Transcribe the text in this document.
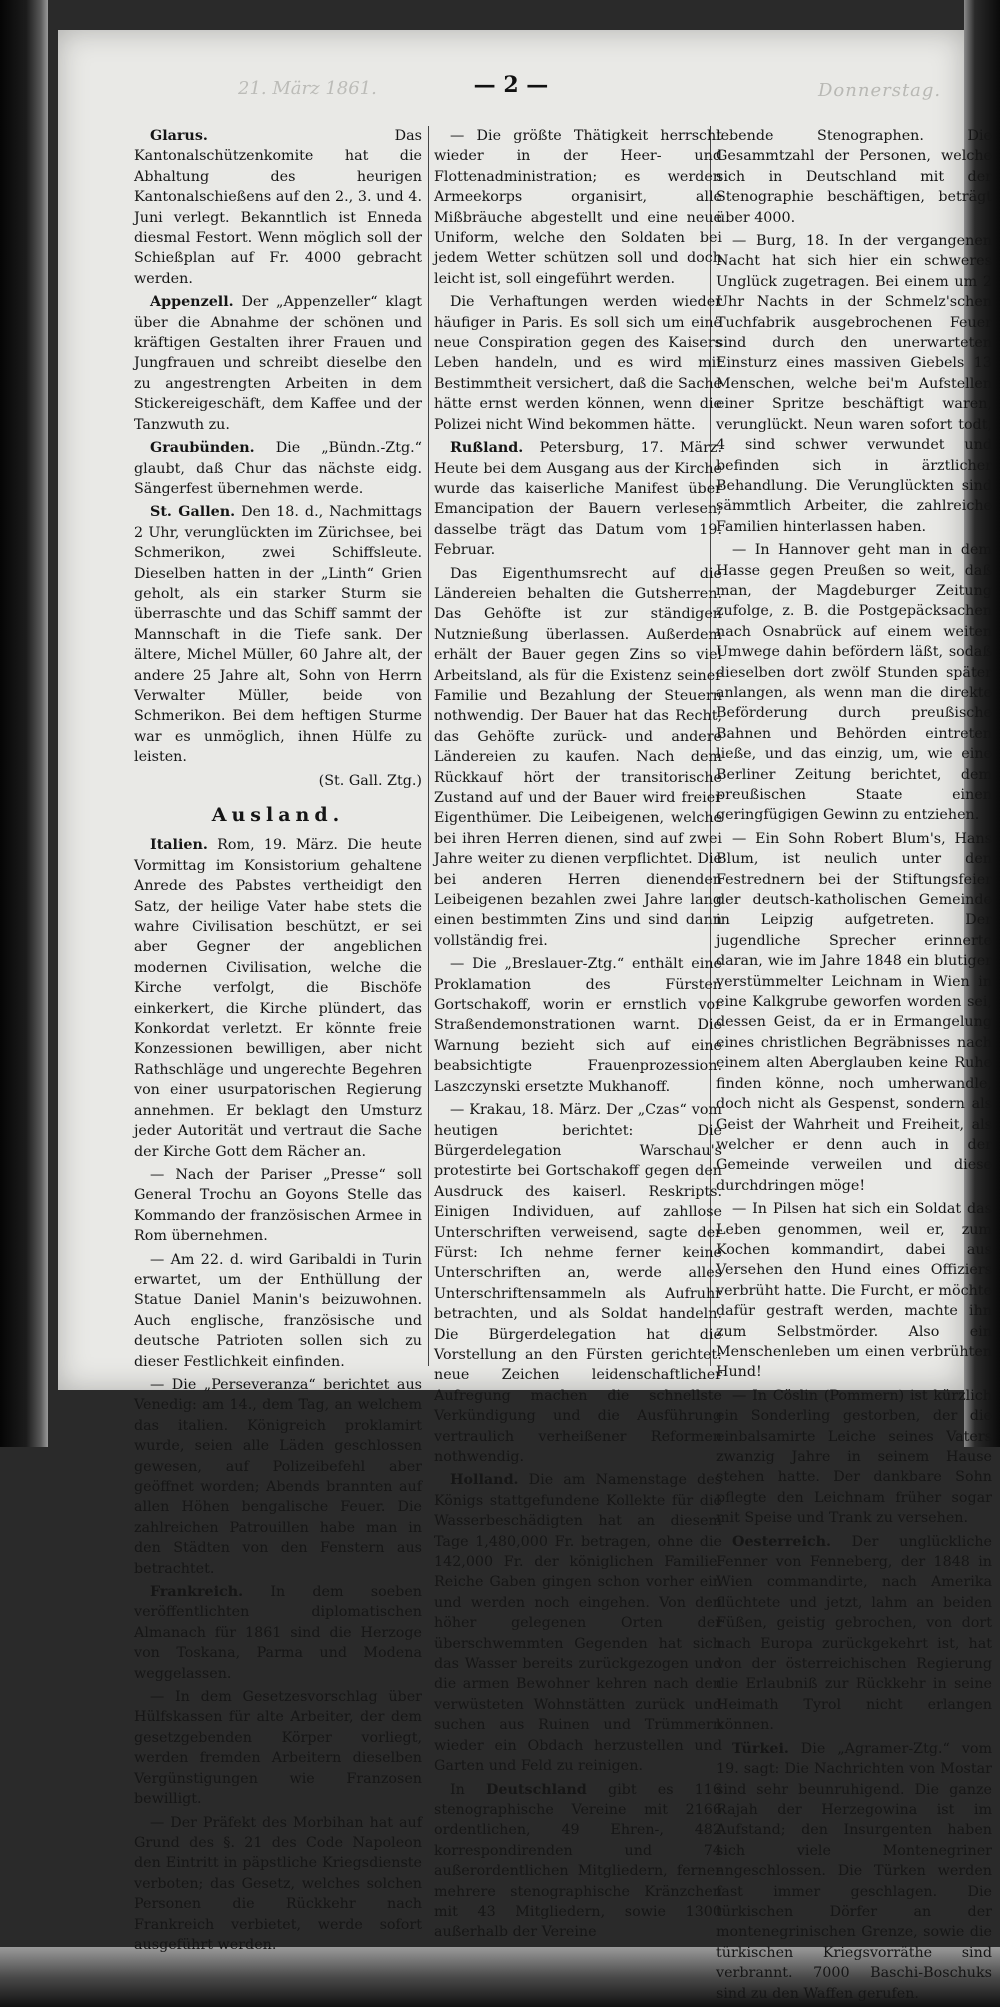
21. März 1861.	Donnerstag.
— 2 —

Glarus. Das Kantonalschützenkomite hat die Abhaltung des heurigen Kantonalschießens auf den 2., 3. und 4. Juni verlegt. Bekanntlich ist Enneda diesmal Festort. Wenn möglich soll der Schießplan auf Fr. 4000 gebracht werden.

Appenzell. Der „Appenzeller“ klagt über die Abnahme der schönen und kräftigen Gestalten ihrer Frauen und Jungfrauen und schreibt dieselbe den zu angestrengten Arbeiten in dem Stickereigeschäft, dem Kaffee und der Tanzwuth zu.

Graubünden. Die „Bündn.-Ztg.“ glaubt, daß Chur das nächste eidg. Sängerfest übernehmen werde.

St. Gallen. Den 18. d., Nachmittags 2 Uhr, verunglückten im Zürichsee, bei Schmerikon, zwei Schiffsleute. Dieselben hatten in der „Linth“ Grien geholt, als ein starker Sturm sie überraschte und das Schiff sammt der Mannschaft in die Tiefe sank. Der ältere, Michel Müller, 60 Jahre alt, der andere 25 Jahre alt, Sohn von Herrn Verwalter Müller, beide von Schmerikon. Bei dem heftigen Sturme war es unmöglich, ihnen Hülfe zu leisten.

(St. Gall. Ztg.)

Ausland.

Italien. Rom, 19. März. Die heute Vormittag im Konsistorium gehaltene Anrede des Pabstes vertheidigt den Satz, der heilige Vater habe stets die wahre Civilisation beschützt, er sei aber Gegner der angeblichen modernen Civilisation, welche die Kirche verfolgt, die Bischöfe einkerkert, die Kirche plündert, das Konkordat verletzt. Er könnte freie Konzessionen bewilligen, aber nicht Rathschläge und ungerechte Begehren von einer usurpatorischen Regierung annehmen. Er beklagt den Umsturz jeder Autorität und vertraut die Sache der Kirche Gott dem Rächer an.

— Nach der Pariser „Presse“ soll General Trochu an Goyons Stelle das Kommando der französischen Armee in Rom übernehmen.

— Am 22. d. wird Garibaldi in Turin erwartet, um der Enthüllung der Statue Daniel Manin's beizuwohnen. Auch englische, französische und deutsche Patrioten sollen sich zu dieser Festlichkeit einfinden.

— Die „Perseveranza“ berichtet aus Venedig: am 14., dem Tag, an welchem das italien. Königreich proklamirt wurde, seien alle Läden geschlossen gewesen, auf Polizeibefehl aber geöffnet worden; Abends brannten auf allen Höhen bengalische Feuer. Die zahlreichen Patrouillen habe man in den Städten von den Fenstern aus betrachtet.

Frankreich. In dem soeben veröffentlichten diplomatischen Almanach für 1861 sind die Herzoge von Toskana, Parma und Modena weggelassen.

— In dem Gesetzesvorschlag über Hülfskassen für alte Arbeiter, der dem gesetzgebenden Körper vorliegt, werden fremden Arbeitern dieselben Vergünstigungen wie Franzosen bewilligt.

— Der Präfekt des Morbihan hat auf Grund des §. 21 des Code Napoleon den Eintritt in päpstliche Kriegsdienste verboten; das Gesetz, welches solchen Personen die Rückkehr nach Frankreich verbietet, werde sofort ausgeführt werden.

— Die größte Thätigkeit herrscht wieder in der Heer- und Flottenadministration; es werden Armeekorps organisirt, alle Mißbräuche abgestellt und eine neue Uniform, welche den Soldaten bei jedem Wetter schützen soll und doch leicht ist, soll eingeführt werden.

Die Verhaftungen werden wieder häufiger in Paris. Es soll sich um eine neue Conspiration gegen des Kaisers Leben handeln, und es wird mit Bestimmtheit versichert, daß die Sache hätte ernst werden können, wenn die Polizei nicht Wind bekommen hätte.

Rußland. Petersburg, 17. März. Heute bei dem Ausgang aus der Kirche wurde das kaiserliche Manifest über Emancipation der Bauern verlesen; dasselbe trägt das Datum vom 19. Februar.

Das Eigenthumsrecht auf die Ländereien behalten die Gutsherren. Das Gehöfte ist zur ständigen Nutznießung überlassen. Außerdem erhält der Bauer gegen Zins so viel Arbeitsland, als für die Existenz seiner Familie und Bezahlung der Steuern nothwendig. Der Bauer hat das Recht, das Gehöfte zurück- und andere Ländereien zu kaufen. Nach dem Rückkauf hört der transitorische Zustand auf und der Bauer wird freier Eigenthümer. Die Leibeigenen, welche bei ihren Herren dienen, sind auf zwei Jahre weiter zu dienen verpflichtet. Die bei anderen Herren dienenden Leibeigenen bezahlen zwei Jahre lang einen bestimmten Zins und sind dann vollständig frei.

— Die „Breslauer-Ztg.“ enthält eine Proklamation des Fürsten Gortschakoff, worin er ernstlich vor Straßendemonstrationen warnt. Die Warnung bezieht sich auf eine beabsichtigte Frauenprozession. Laszczynski ersetzte Mukhanoff.

— Krakau, 18. März. Der „Czas“ vom heutigen berichtet: Die Bürgerdelegation Warschau's protestirte bei Gortschakoff gegen den Ausdruck des kaiserl. Reskripts. Einigen Individuen, auf zahllose Unterschriften verweisend, sagte der Fürst: Ich nehme ferner keine Unterschriften an, werde alles Unterschriftensammeln als Aufruhr betrachten, und als Soldat handeln. Die Bürgerdelegation hat die Vorstellung an den Fürsten gerichtet: neue Zeichen leidenschaftlicher Aufregung machen die schnellste Verkündigung und die Ausführung vertraulich verheißener Reformen nothwendig.

Holland. Die am Namenstage des Königs stattgefundene Kollekte für die Wasserbeschädigten hat an diesem Tage 1,480,000 Fr. betragen, ohne die 142,000 Fr. der königlichen Familie. Reiche Gaben gingen schon vorher ein und werden noch eingehen. Von den höher gelegenen Orten der überschwemmten Gegenden hat sich das Wasser bereits zurückgezogen und die armen Bewohner kehren nach den verwüsteten Wohnstätten zurück und suchen aus Ruinen und Trümmern wieder ein Obdach herzustellen und Garten und Feld zu reinigen.

In Deutschland gibt es 116 stenographische Vereine mit 2166 ordentlichen, 49 Ehren-, 482 korrespondirenden und 74 außerordentlichen Mitgliedern, ferner mehrere stenographische Kränzchen mit 43 Mitgliedern, sowie 1300 außerhalb der Vereine

lebende Stenographen. Die Gesammtzahl der Personen, welche sich in Deutschland mit der Stenographie beschäftigen, beträgt über 4000.

— Burg, 18. In der vergangenen Nacht hat sich hier ein schweres Unglück zugetragen. Bei einem um 2 Uhr Nachts in der Schmelz'schen Tuchfabrik ausgebrochenen Feuer sind durch den unerwarteten Einsturz eines massiven Giebels 13 Menschen, welche bei'm Aufstellen einer Spritze beschäftigt waren, verunglückt. Neun waren sofort todt, 4 sind schwer verwundet und befinden sich in ärztlicher Behandlung. Die Verunglückten sind sämmtlich Arbeiter, die zahlreiche Familien hinterlassen haben.

— In Hannover geht man in dem Hasse gegen Preußen so weit, daß man, der Magdeburger Zeitung zufolge, z. B. die Postgepäcksachen nach Osnabrück auf einem weiten Umwege dahin befördern läßt, sodaß dieselben dort zwölf Stunden später anlangen, als wenn man die direkte Beförderung durch preußische Bahnen und Behörden eintreten ließe, und das einzig, um, wie eine Berliner Zeitung berichtet, dem preußischen Staate einen geringfügigen Gewinn zu entziehen.

— Ein Sohn Robert Blum's, Hans Blum, ist neulich unter den Festrednern bei der Stiftungsfeier der deutsch-katholischen Gemeinde in Leipzig aufgetreten. Der jugendliche Sprecher erinnerte daran, wie im Jahre 1848 ein blutiger verstümmelter Leichnam in Wien in eine Kalkgrube geworfen worden sei, dessen Geist, da er in Ermangelung eines christlichen Begräbnisses nach einem alten Aberglauben keine Ruhe finden könne, noch umherwandle, doch nicht als Gespenst, sondern als Geist der Wahrheit und Freiheit, als welcher er denn auch in der Gemeinde verweilen und diese durchdringen möge!

— In Pilsen hat sich ein Soldat das Leben genommen, weil er, zum Kochen kommandirt, dabei aus Versehen den Hund eines Offiziers verbrüht hatte. Die Furcht, er möchte dafür gestraft werden, machte ihn zum Selbstmörder. Also ein Menschenleben um einen verbrühten Hund!

— In Cöslin (Pommern) ist kürzlich ein Sonderling gestorben, der die einbalsamirte Leiche seines Vaters zwanzig Jahre in seinem Hause stehen hatte. Der dankbare Sohn pflegte den Leichnam früher sogar mit Speise und Trank zu versehen.

Oesterreich. Der unglückliche Fenner von Fenneberg, der 1848 in Wien commandirte, nach Amerika flüchtete und jetzt, lahm an beiden Füßen, geistig gebrochen, von dort nach Europa zurückgekehrt ist, hat von der österreichischen Regierung die Erlaubniß zur Rückkehr in seine Heimath Tyrol nicht erlangen können.

Türkei. Die „Agramer-Ztg.“ vom 19. sagt: Die Nachrichten von Mostar sind sehr beunruhigend. Die ganze Rajah der Herzegowina ist im Aufstand; den Insurgenten haben sich viele Montenegriner angeschlossen. Die Türken werden fast immer geschlagen. Die türkischen Dörfer an der montenegrinischen Grenze, sowie die türkischen Kriegsvorräthe sind verbrannt. 7000 Baschi-Boschuks sind zu den Waffen gerufen.
